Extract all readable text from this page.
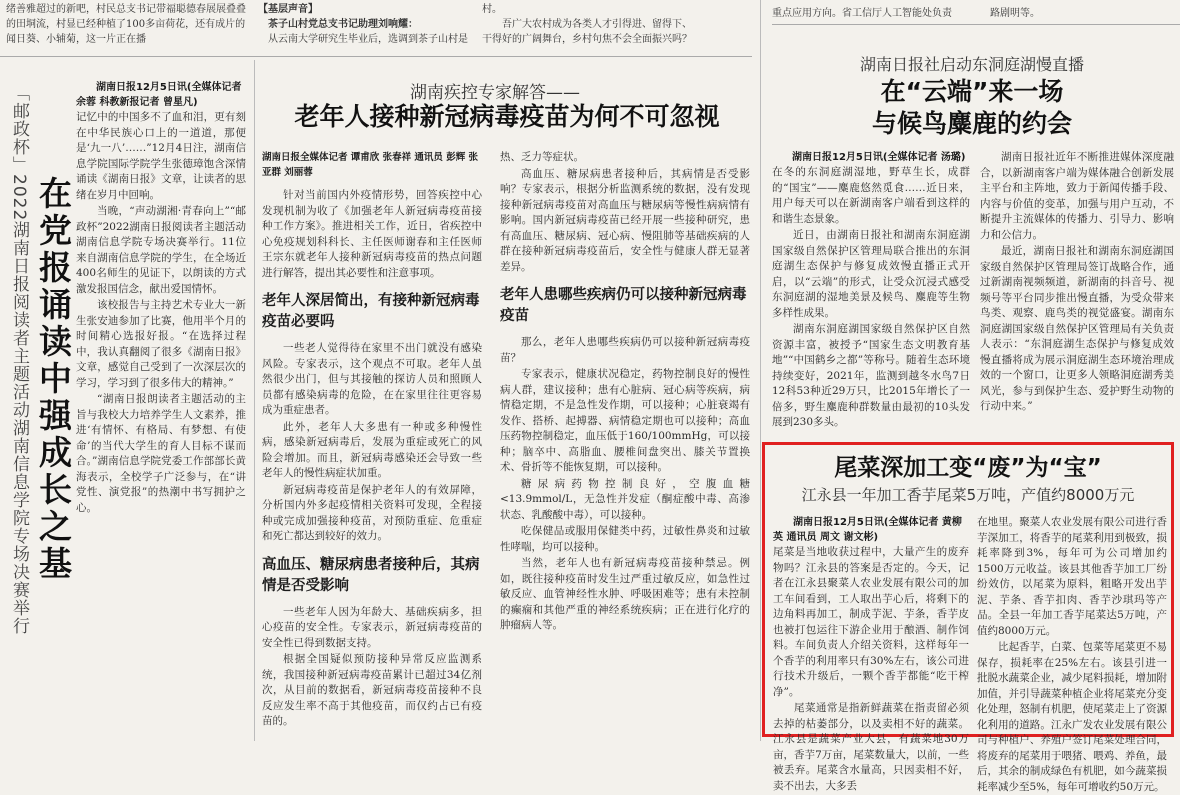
绪善雅超过的新吧，村民总支书记带福聪德春展展叠叠的田垌流，村显已经种植了100多亩荷花，还有成片的闻日葵、小辅菊，这一片正在播
【基层声音】
茶子山村党总支书记助理刘响耀：
从云南大学研究生毕业后，选调到茶子山村是
村。
吾广大农村成为各类人才引得进、留得下、干得好的广阔舞台，乡村句焦不会全面振兴吗？
重点应用方向。省工信厅人工智能处负责	路剧明等。
「邮政杯」2022湖南日报阅读者主题活动湖南信息学院专场决赛举行 在党报诵读中强成长之基
湖南日报12月5日讯(全媒体记者 余蓉 科教新报记者 曾星凡)

记忆中的中国多不了血和泪，更有刻在中华民族心口上的一道道，那便是‘九一八’……”12月4日注，湖南信息学院国际学院学生张德璋饱含深情诵读《湖南日报》文章，让读者的思绪在岁月中回响。

当晚，“声动湖湘·青春向上”“邮政杯”2022湖南日报阅读者主题活动湖南信息学院专场决赛举行。11位来自湖南信息学院的学生，在全场近400名师生的见证下，以朗读的方式激发报国信念，献出爱国情怀。

该校报告与主持艺术专业大一新生张安迪参加了比赛，他用半个月的时间精心选报好报。“在选择过程中，我认真翻阅了很多《湖南日报》文章，感觉自己受到了一次深层次的学习，学习到了很多伟大的精神。”

“湖南日报朗读者主题活动的主旨与我校大力培养学生人文素养，推进‘有情怀、有格局、有梦想、有使命’的当代大学生的育人目标不谋而合。”湖南信息学院党委工作部部长黄海表示，全校学子广泛参与，在“讲党性、演党报”的热潮中书写拥护之心。

湖南疾控专家解答——
老年人接种新冠病毒疫苗为何不可忽视
湖南日报全媒体记者 谭甫欣 张春祥 通讯员 彭辉 张亚群 刘丽蓉

针对当前国内外疫情形势，回答疾控中心发现机制为收了《加强老年人新冠病毒疫苗接种工作方案》。推进相关工作，近日，省疾控中心免疫规划科科长、主任医师谢春和主任医师王宗东就老年人接种新冠病毒疫苗的热点问题进行解答，提出其必要性和注意事项。

老年人深居简出，有接种新冠病毒疫苗必要吗

一些老人觉得待在家里不出门就没有感染风险。专家表示，这个观点不可取。老年人虽然很少出门，但与其接触的探访人员和照顾人员都有感染病毒的危险，在在家里往往更容易成为重症患者。

此外，老年人大多患有一种或多种慢性病，感染新冠病毒后，发展为重症或死亡的风险会增加。而且，新冠病毒感染还会导致一些老年人的慢性病症状加重。

新冠病毒疫苗是保护老年人的有效屏障，分析国内外多起疫情相关资料可发现，全程接种或完成加强接种疫苗，对预防重症、危重症和死亡都达到较好的效力。

高血压、糖尿病患者接种后，其病情是否受影响

一些老年人因为年龄大、基础疾病多，担心疫苗的安全性。专家表示，新冠病毒疫苗的安全性已得到数据支持。

根据全国疑似预防接种异常反应监测系统，我国接种新冠病毒疫苗累计已超过34亿剂次，从目前的数据看，新冠病毒疫苗接种不良反应发生率不高于其他疫苗，而仅约占已有疫苗的。

热、乏力等症状。

高血压、糖尿病患者接种后，其病情是否受影响？专家表示，根据分析监测系统的数据，没有发现接种新冠病毒疫苗对高血压与糖尿病等慢性病病情有影响。国内新冠病毒疫苗已经开展一些接种研究，患有高血压、糖尿病、冠心病、慢阻肺等基础疾病的人群在接种新冠病毒疫苗后，安全性与健康人群无显著差异。

老年人患哪些疾病仍可以接种新冠病毒疫苗

那么，老年人患哪些疾病仍可以接种新冠病毒疫苗？

专家表示，健康状况稳定，药物控制良好的慢性病人群，建议接种；患有心脏病、冠心病等疾病，病情稳定期，不是急性发作期，可以接种；心脏衰竭有发作、搭桥、起搏器、病情稳定期也可以接种；高血压药物控制稳定，血压低于160/100mmHg，可以接种；脑卒中、高脂血、腰椎间盘突出、膝关节置换术、骨折等不能恢复期，可以接种。

糖尿病药物控制良好，空腹血糖<13.9mmol/L，无急性并发症（酮症酸中毒、高渗状态、乳酸酸中毒），可以接种。

吃保健品或服用保健类中药，过敏性鼻炎和过敏性哮喘，均可以接种。

当然，老年人也有新冠病毒疫苗接种禁忌。例如，既往接种疫苗时发生过严重过敏反应，如急性过敏反应、血管神经性水肿、呼吸困难等；患有未控制的癫痫和其他严重的神经系统疾病；正在进行化疗的肿瘤病人等。

湖南日报社启动东洞庭湖慢直播
在“云端”来一场
与候鸟麋鹿的约会
湖南日报12月5日讯(全媒体记者 汤璐)

在冬的东洞庭湖湿地，野草生长，成群的“国宝”——麋鹿悠然觅食……近日来，用户每天可以在新湖南客户端看到这样的和谐生态景象。

近日，由湖南日报社和湖南东洞庭湖国家级自然保护区管理局联合推出的东洞庭湖生态保护与修复成效慢直播正式开启，以“云端”的形式，让受众沉浸式感受东洞庭湖的湿地美景及候鸟、麋鹿等生物多样性成果。

湖南东洞庭湖国家级自然保护区自然资源丰富，被授予“国家生态文明教育基地”“中国鹤乡之都”等称号。随着生态环境持续变好，2021年，监测到越冬水鸟7日12科53种近29万只，比2015年增长了一倍多，野生麋鹿种群数量由最初的10头发展到230多头。

湖南日报社近年不断推进媒体深度融合，以新湖南客户端为媒体融合创新发展主平台和主阵地，致力于新闻传播手段、内容与价值的变革，加强与用户互动，不断提升主流媒体的传播力、引导力、影响力和公信力。

最近，湖南日报社和湖南东洞庭湖国家级自然保护区管理局签订战略合作，通过新湖南视频频道，新湖南的抖音号、视频号等平台同步推出慢直播，为受众带来鸟类、观察、鹿鸟类的视觉盛宴。湖南东洞庭湖国家级自然保护区管理局有关负责人表示：“东洞庭湖生态保护与修复成效慢直播将成为展示洞庭湖生态环境治理成效的一个窗口，让更多人领略洞庭湖秀美风光，参与到保护生态、爱护野生动物的行动中来。”

尾菜深加工变“废”为“宝”
江永县一年加工香芋尾菜5万吨，产值约8000万元
湖南日报12月5日讯(全媒体记者 黄柳英 通讯员 周文 谢文彬)

尾菜是当地收获过程中，大量产生的废弃物吗？江永县的答案是否定的。今天，记者在江永县聚菜人农业发展有限公司的加工车间看到，工人取出芋心后，将剩下的边角料再加工，制成芋泥、芋条，香芋皮也被打包运往下游企业用于酿酒、制作饲料。车间负责人介绍关资料，这样每年一个香芋的利用率只有30%左右，该公司进行技术升级后，一颗个香芋都能“吃干榨净”。

尾菜通常是指新鲜蔬菜在指责留必须去掉的枯萎部分，以及卖相不好的蔬菜。江永县是蔬菜产业大县，有蔬菜地30万亩，香芋7万亩，尾菜数量大，以前，一些被丢弃。尾菜含水量高，只因卖相不好，卖不出去，大多丢

在地里。聚菜人农业发展有限公司进行香芋深加工，将香芋的尾菜利用到极致，损耗率降到3%，每年可为公司增加约1500万元收益。该县其他香芋加工厂纷纷效仿，以尾菜为原料，粗略开发出芋泥、芋条、香芋扣肉、香芋沙琪玛等产品。全县一年加工香芋尾菜达5万吨，产值约8000万元。

比起香芋，白菜、包菜等尾菜更不易保存，损耗率在25%左右。该县引进一批脱水蔬菜企业，减少尾料损耗，增加附加值，并引导蔬菜种植企业将尾菜充分变化处理，怒制有机肥，使尾菜走上了资源化利用的道路。江永广发农业发展有限公司与种植户、养殖户签订尾菜处理合同，将废弃的尾菜用于喂猪、喂鸡、养鱼，最后，其余的制成绿色有机肥，如今蔬菜损耗率减少至5%，每年可增收约50万元。
